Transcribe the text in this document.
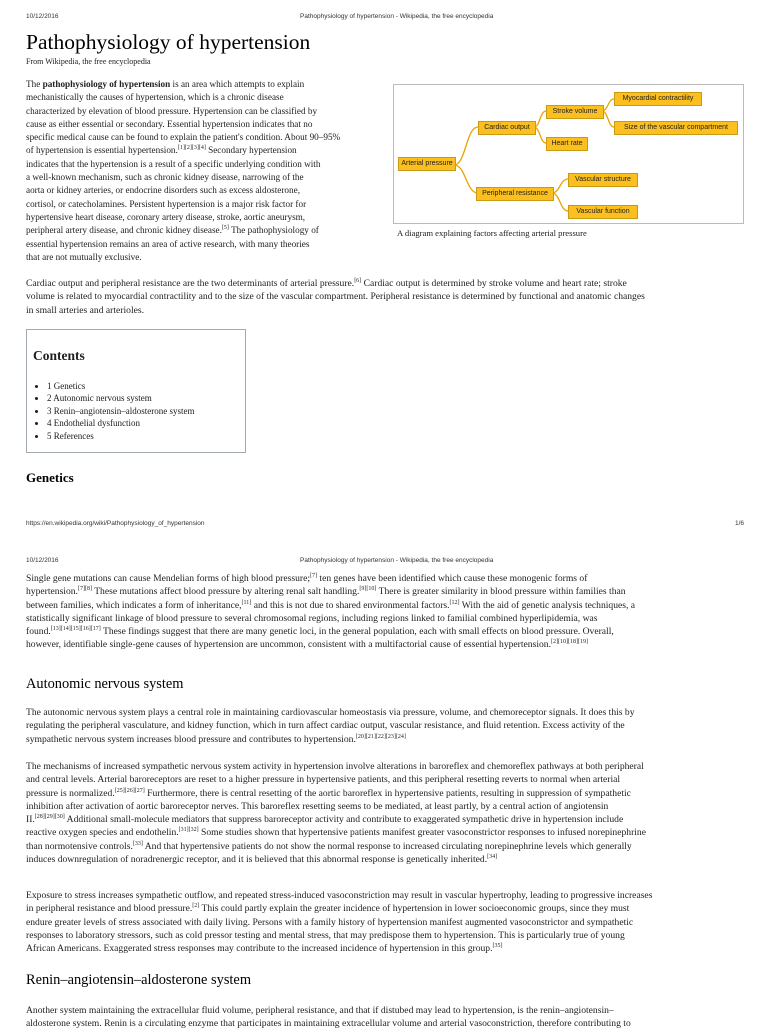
10/12/2016	Pathophysiology of hypertension - Wikipedia, the free encyclopedia
Pathophysiology of hypertension
From Wikipedia, the free encyclopedia
The pathophysiology of hypertension is an area which attempts to explain
mechanistically the causes of hypertension, which is a chronic disease
characterized by elevation of blood pressure. Hypertension can be classified by
cause as either essential or secondary. Essential hypertension indicates that no
specific medical cause can be found to explain the patient's condition. About 90–95%
of hypertension is essential hypertension.[1][2][3][4] Secondary hypertension
indicates that the hypertension is a result of a specific underlying condition with
a well-known mechanism, such as chronic kidney disease, narrowing of the
aorta or kidney arteries, or endocrine disorders such as excess aldosterone,
cortisol, or catecholamines. Persistent hypertension is a major risk factor for
hypertensive heart disease, coronary artery disease, stroke, aortic aneurysm,
peripheral artery disease, and chronic kidney disease.[5] The pathophysiology of
essential hypertension remains an area of active research, with many theories
that are not mutually exclusive.
Arterial pressure
Cardiac output
Peripheral resistance
Stroke volume
Heart rate
Myocardial contractility
Size of the vascular compartment
Vascular structure
Vascular function
A diagram explaining factors affecting arterial pressure
Cardiac output and peripheral resistance are the two determinants of arterial pressure.[6] Cardiac output is determined by stroke volume and heart rate; stroke
volume is related to myocardial contractility and to the size of the vascular compartment. Peripheral resistance is determined by functional and anatomic changes
in small arteries and arterioles.
Contents
• 1 Genetics
• 2 Autonomic nervous system
• 3 Renin–angiotensin–aldosterone system
• 4 Endothelial dysfunction
• 5 References
Genetics
https://en.wikipedia.org/wiki/Pathophysiology_of_hypertension	1/6
10/12/2016	Pathophysiology of hypertension - Wikipedia, the free encyclopedia
Single gene mutations can cause Mendelian forms of high blood pressure;[7] ten genes have been identified which cause these monogenic forms of
hypertension.[7][8] These mutations affect blood pressure by altering renal salt handling.[9][10] There is greater similarity in blood pressure within families than
between families, which indicates a form of inheritance,[11] and this is not due to shared environmental factors.[12] With the aid of genetic analysis techniques, a
statistically significant linkage of blood pressure to several chromosomal regions, including regions linked to familial combined hyperlipidemia, was
found.[13][14][15][16][17] These findings suggest that there are many genetic loci, in the general population, each with small effects on blood pressure. Overall,
however, identifiable single-gene causes of hypertension are uncommon, consistent with a multifactorial cause of essential hypertension.[2][10][18][19]
Autonomic nervous system
The autonomic nervous system plays a central role in maintaining cardiovascular homeostasis via pressure, volume, and chemoreceptor signals. It does this by
regulating the peripheral vasculature, and kidney function, which in turn affect cardiac output, vascular resistance, and fluid retention. Excess activity of the
sympathetic nervous system increases blood pressure and contributes to hypertension.[20][21][22][23][24]
The mechanisms of increased sympathetic nervous system activity in hypertension involve alterations in baroreflex and chemoreflex pathways at both peripheral
and central levels. Arterial baroreceptors are reset to a higher pressure in hypertensive patients, and this peripheral resetting reverts to normal when arterial
pressure is normalized.[25][26][27] Furthermore, there is central resetting of the aortic baroreflex in hypertensive patients, resulting in suppression of sympathetic
inhibition after activation of aortic baroreceptor nerves. This baroreflex resetting seems to be mediated, at least partly, by a central action of angiotensin
II.[28][29][30] Additional small-molecule mediators that suppress baroreceptor activity and contribute to exaggerated sympathetic drive in hypertension include
reactive oxygen species and endothelin.[31][32] Some studies shown that hypertensive patients manifest greater vasoconstrictor responses to infused norepinephrine
than normotensive controls.[33] And that hypertensive patients do not show the normal response to increased circulating norepinephrine levels which generally
induces downregulation of noradrenergic receptor, and it is believed that this abnormal response is genetically inherited.[34]
Exposure to stress increases sympathetic outflow, and repeated stress-induced vasoconstriction may result in vascular hypertrophy, leading to progressive increases
in peripheral resistance and blood pressure.[2] This could partly explain the greater incidence of hypertension in lower socioeconomic groups, since they must
endure greater levels of stress associated with daily living. Persons with a family history of hypertension manifest augmented vasoconstrictor and sympathetic
responses to laboratory stressors, such as cold pressor testing and mental stress, that may predispose them to hypertension. This is particularly true of young
African Americans. Exaggerated stress responses may contribute to the increased incidence of hypertension in this group.[35]
Renin–angiotensin–aldosterone system
Another system maintaining the extracellular fluid volume, peripheral resistance, and that if distubed may lead to hypertension, is the renin–angiotensin–
aldosterone system. Renin is a circulating enzyme that participates in maintaining extracellular volume and arterial vasoconstriction, therefore contributing to
